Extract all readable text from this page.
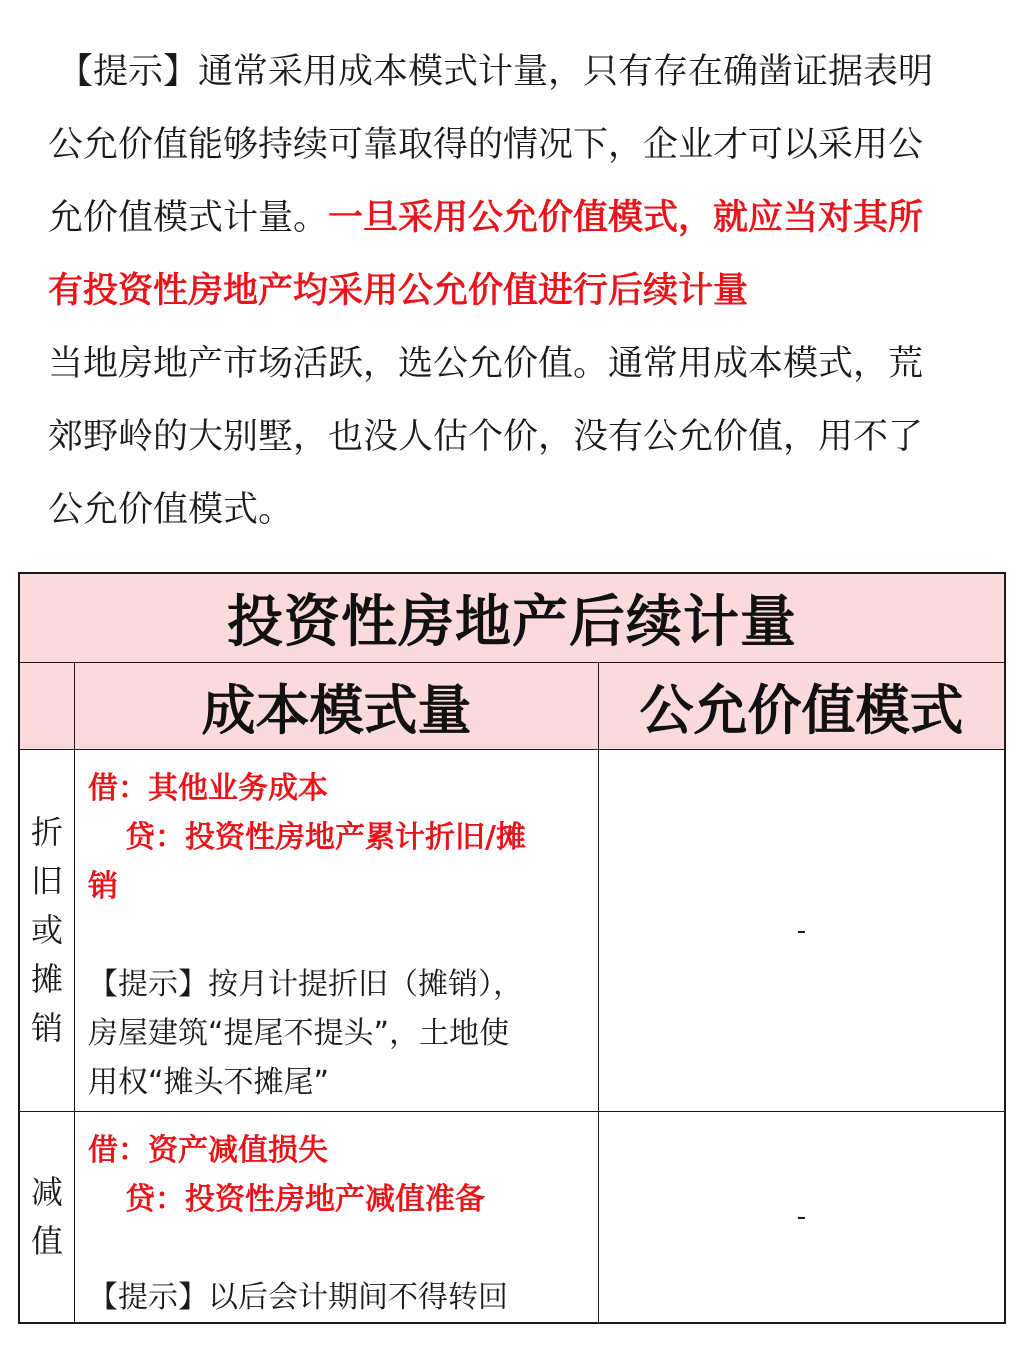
【提示】通常采用成本模式计量，只有存在确凿证据表明

公允价值能够持续可靠取得的情况下，企业才可以采用公

允价值模式计量。一旦采用公允价值模式，就应当对其所

有投资性房地产均采用公允价值进行后续计量

当地房地产市场活跃，选公允价值。通常用成本模式，荒

郊野岭的大别墅，也没人估个价，没有公允价值，用不了

公允价值模式。

投资性房地产后续计量
成本模式量	公允价值模式
折
旧
或
摊
销
借：其他业务成本
贷：投资性房地产累计折旧/摊
销
【提示】按月计提折旧（摊销），
房屋建筑“提尾不提头”，土地使
用权“摊头不摊尾”
-
减
值
借：资产减值损失
贷：投资性房地产减值准备
【提示】以后会计期间不得转回
-
